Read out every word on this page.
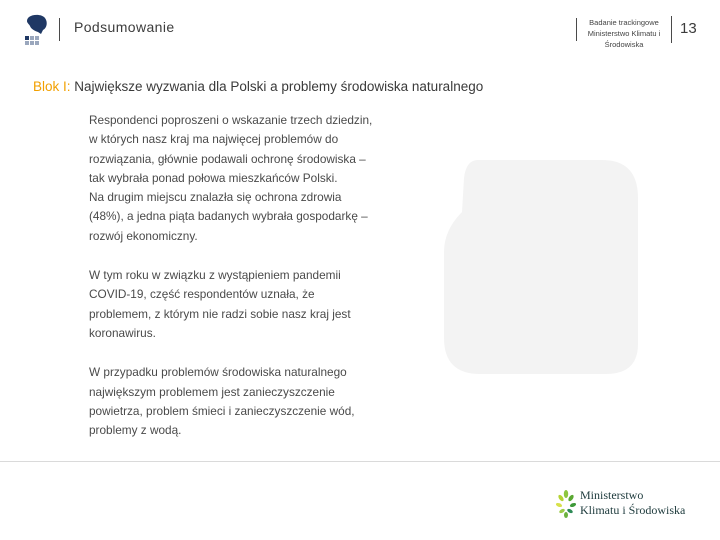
Podsumowanie	Badanie trackingowe Ministerstwo Klimatu i Środowiska
13
Blok I: Największe wyzwania dla Polski a problemy środowiska naturalnego

Respondenci poproszeni o wskazanie trzech dziedzin,
w których nasz kraj ma najwięcej problemów do
rozwiązania, głównie podawali ochronę środowiska –
tak wybrała ponad połowa mieszkańców Polski.
Na drugim miejscu znalazła się ochrona zdrowia
(48%), a jedna piąta badanych wybrała gospodarkę –
rozwój ekonomiczny.

W tym roku w związku z wystąpieniem pandemii
COVID-19, część respondentów uznała, że
problemem, z którym nie radzi sobie nasz kraj jest
koronawirus.

W przypadku problemów środowiska naturalnego
największym problemem jest zanieczyszczenie
powietrza, problem śmieci i zanieczyszczenie wód,
problemy z wodą.

Ministerstwo
Klimatu i Środowiska
